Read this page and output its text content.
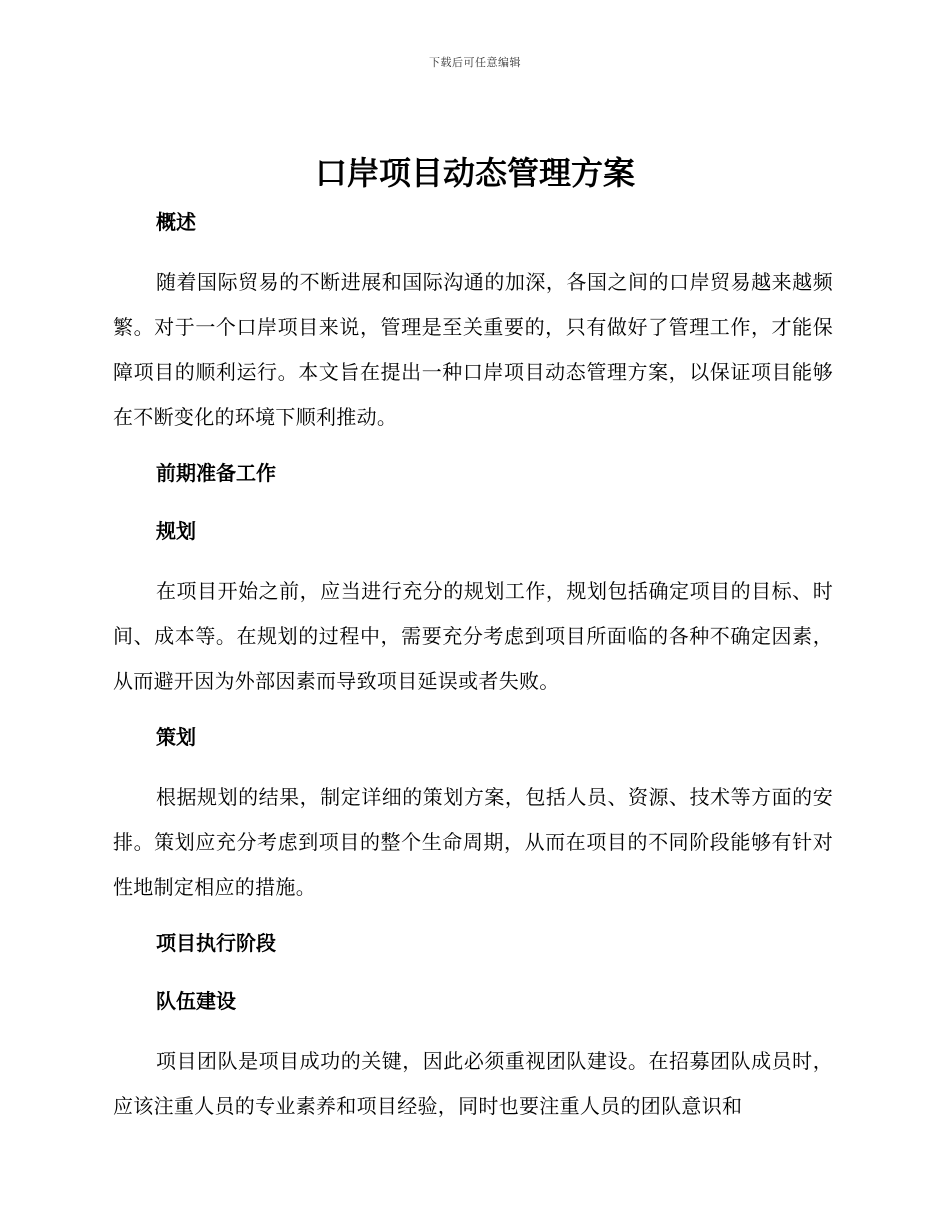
下载后可任意编辑
口岸项目动态管理方案
概述

随着国际贸易的不断进展和国际沟通的加深，各国之间的口岸贸易越来越频繁。对于一个口岸项目来说，管理是至关重要的，只有做好了管理工作，才能保障项目的顺利运行。本文旨在提出一种口岸项目动态管理方案，以保证项目能够在不断变化的环境下顺利推动。

前期准备工作
规划

在项目开始之前，应当进行充分的规划工作，规划包括确定项目的目标、时间、成本等。在规划的过程中，需要充分考虑到项目所面临的各种不确定因素，从而避开因为外部因素而导致项目延误或者失败。

策划

根据规划的结果，制定详细的策划方案，包括人员、资源、技术等方面的安排。策划应充分考虑到项目的整个生命周期，从而在项目的不同阶段能够有针对性地制定相应的措施。

项目执行阶段
队伍建设

项目团队是项目成功的关键，因此必须重视团队建设。在招募团队成员时，应该注重人员的专业素养和项目经验，同时也要注重人员的团队意识和
